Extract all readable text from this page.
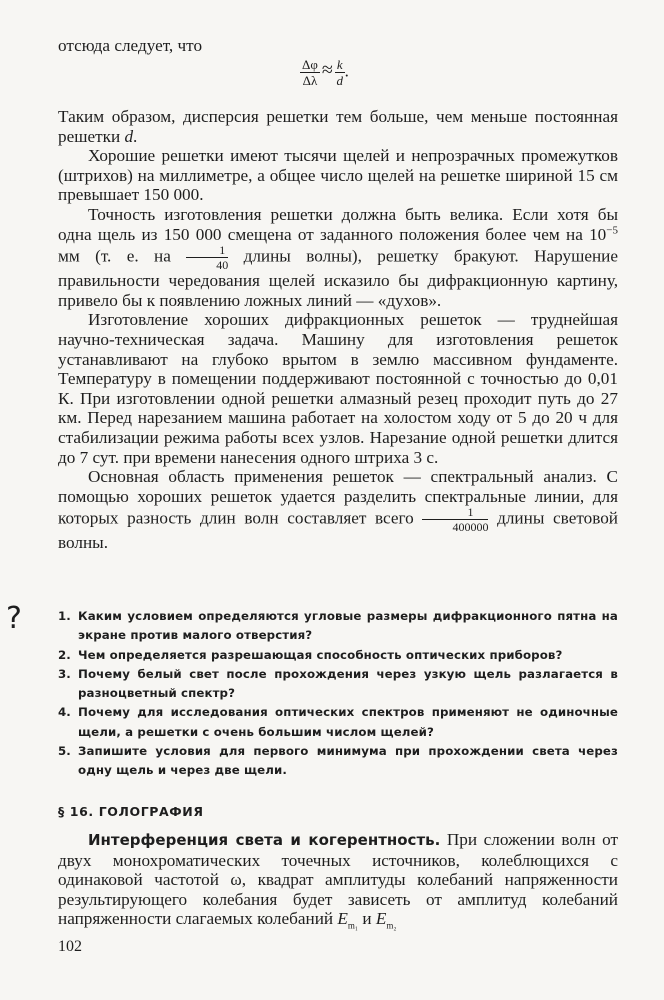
отсюда следует, что

$\frac{\Delta\varphi}{\Delta\lambda} \approx \frac{k}{d}$ .

Таким образом, дисперсия решетки тем больше, чем меньше постоянная решетки d.

Хорошие решетки имеют тысячи щелей и непрозрачных промежутков (штрихов) на миллиметре, а общее число щелей на решетке шириной 15 см превышает 150 000.

Точность изготовления решетки должна быть велика. Если хотя бы одна щель из 150 000 смещена от заданного положения более чем на $10^{-5}$ мм (т. е. на $\frac{1}{40}$ длины волны), решетку бракуют. Нарушение правильности чередования щелей исказило бы дифракционную картину, привело бы к появлению ложных линий — «духов».

Изготовление хороших дифракционных решеток — труднейшая научно-техническая задача. Машину для изготовления решеток устанавливают на глубоко врытом в землю массивном фундаменте. Температуру в помещении поддерживают постоянной с точностью до 0,01 К. При изготовлении одной решетки алмазный резец проходит путь до 27 км. Перед нарезанием машина работает на холостом ходу от 5 до 20 ч для стабилизации режима работы всех узлов. Нарезание одной решетки длится до 7 сут. при времени нанесения одного штриха 3 с.

Основная область применения решеток — спектральный анализ. С помощью хороших решеток удается разделить спектральные линии, для которых разность длин волн составляет всего $\frac{1}{400000}$ длины световой волны.

?	1. Каким условием определяются угловые размеры дифракционного пятна на экране против малого отверстия?
2. Чем определяется разрешающая способность оптических приборов?
3. Почему белый свет после прохождения через узкую щель разлагается в разноцветный спектр?
4. Почему для исследования оптических спектров применяют не одиночные щели, а решетки с очень большим числом щелей?
5. Запишите условия для первого минимума при прохождении света через одну щель и через две щели.
§ 16. ГОЛОГРАФИЯ

Интерференция света и когерентность. При сложении волн от двух монохроматических точечных источников, колеблющихся с одинаковой частотой ω, квадрат амплитуды колебаний напряженности результирующего колебания будет зависеть от амплитуд колебаний напряженности слагаемых колебаний $E_{m_1}$ и $E_{m_2}$

102
